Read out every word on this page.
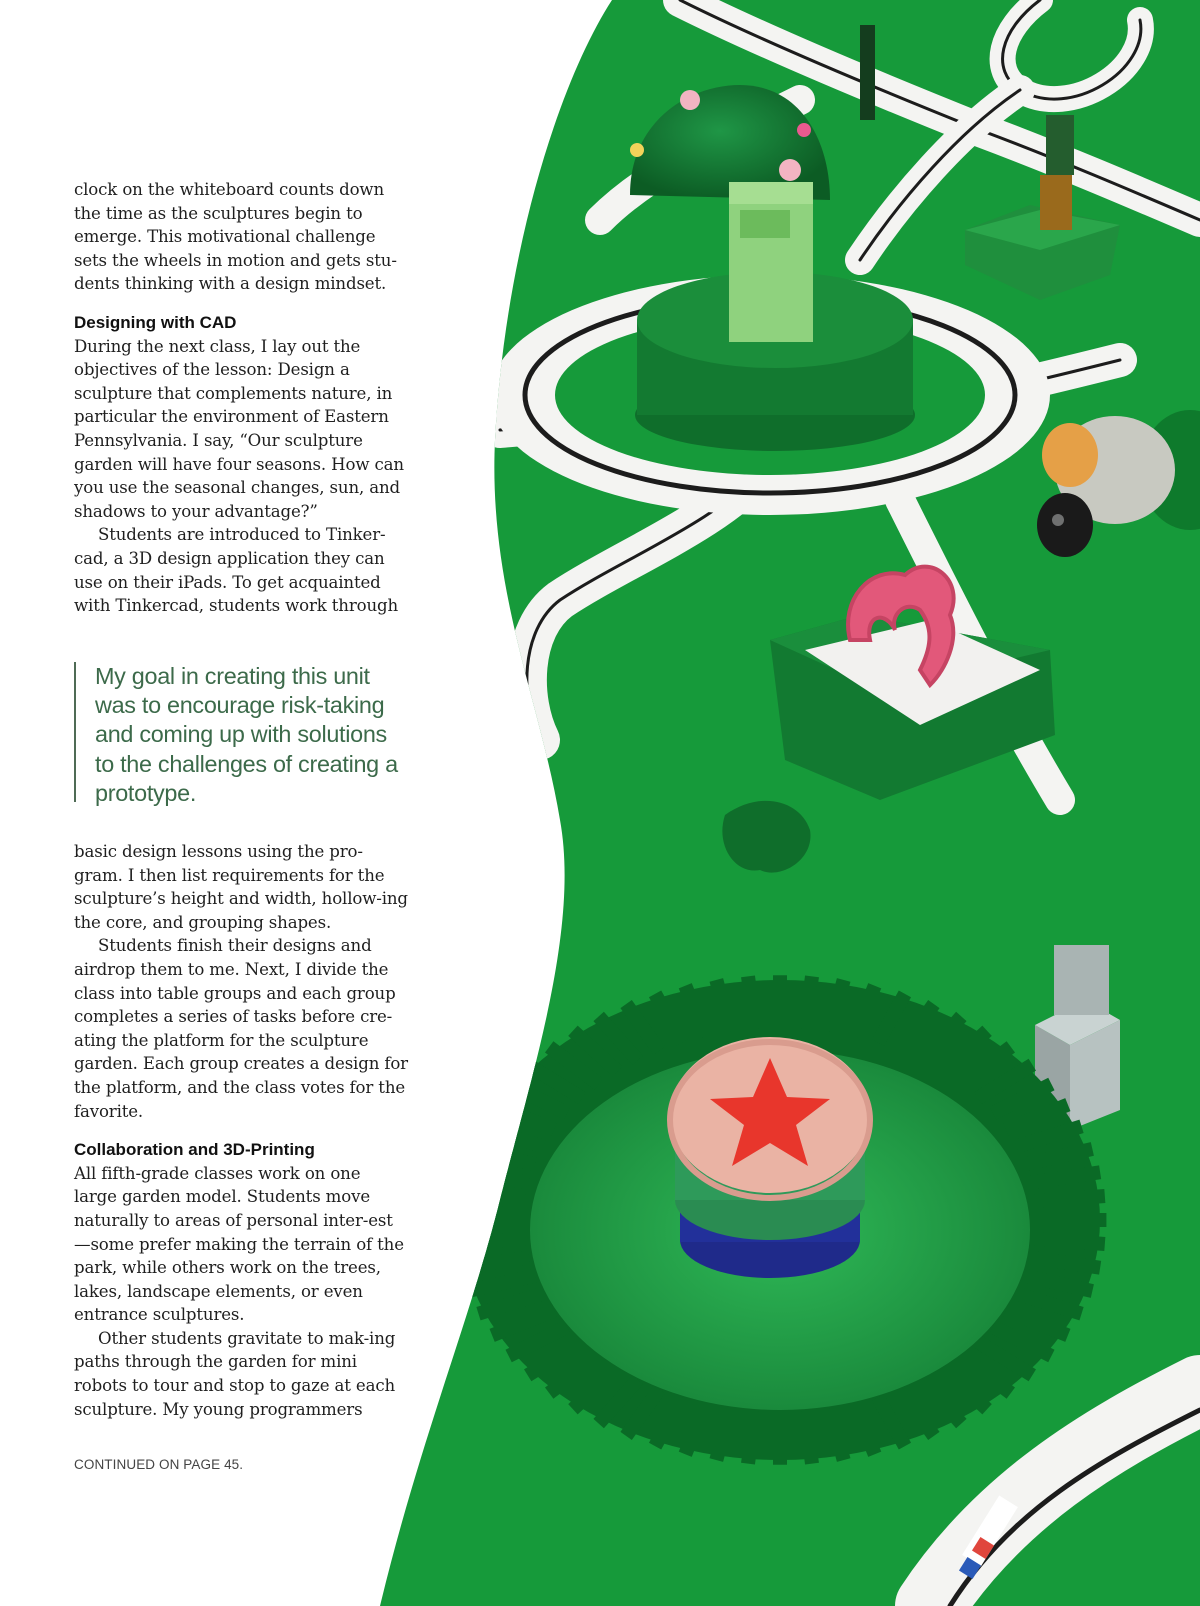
clock on the whiteboard counts down the time as the sculptures begin to emerge. This motivational challenge sets the wheels in motion and gets stu-dents thinking with a design mindset.

Designing with CAD

During the next class, I lay out the objectives of the lesson: Design a sculpture that complements nature, in particular the environment of Eastern Pennsylvania. I say, “Our sculpture garden will have four seasons. How can you use the seasonal changes, sun, and shadows to your advantage?”

Students are introduced to Tinker-cad, a 3D design application they can use on their iPads. To get acquainted with Tinkercad, students work through

My goal in creating this unit was to encourage risk-taking and coming up with solutions to the challenges of creating a prototype.

basic design lessons using the pro-gram. I then list requirements for the sculpture’s height and width, hollow-ing the core, and grouping shapes.

Students finish their designs and airdrop them to me. Next, I divide the class into table groups and each group completes a series of tasks before cre-ating the platform for the sculpture garden. Each group creates a design for the platform, and the class votes for the favorite.

Collaboration and 3D-Printing

All fifth-grade classes work on one large garden model. Students move naturally to areas of personal inter-est—some prefer making the terrain of the park, while others work on the trees, lakes, landscape elements, or even entrance sculptures.

Other students gravitate to mak-ing paths through the garden for mini robots to tour and stop to gaze at each sculpture. My young programmers

CONTINUED ON PAGE 45.
